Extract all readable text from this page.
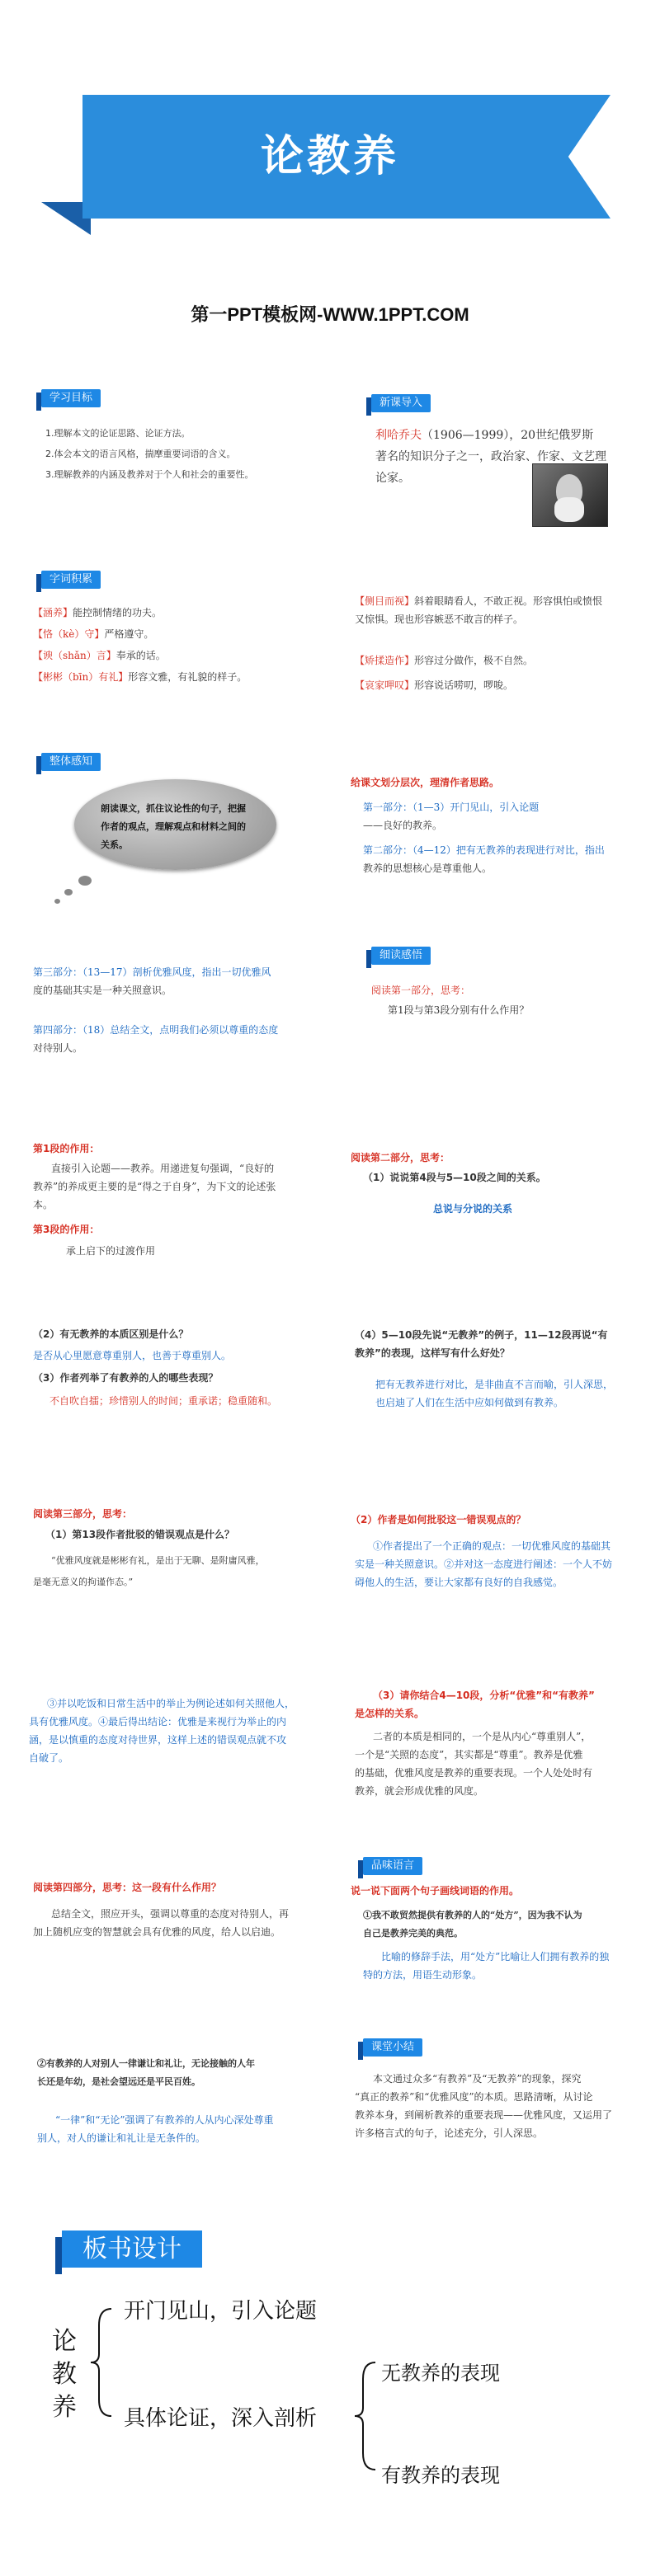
论教养
第一PPT模板网-WWW.1PPT.COM
学习目标
1.理解本文的论证思路、论证方法。
2.体会本文的语言风格，揣摩重要词语的含义。
3.理解教养的内涵及教养对于个人和社会的重要性。
新课导入
利哈乔夫（1906—1999），20世纪俄罗斯
著名的知识分子之一，政治家、作家、文艺理
论家。
字词积累
【涵养】能控制情绪的功夫。
【恪（kè）守】严格遵守。
【谀（shǎn）言】奉承的话。
【彬彬（bīn）有礼】形容文雅，有礼貌的样子。
【侧目而视】斜着眼睛看人，不敢正视。形容惧怕或愤恨
又惊惧。现也形容嫉恶不敢言的样子。
【矫揉造作】形容过分做作，极不自然。
【哀家呷叹】形容说话唠叨，啰唆。
整体感知
朗读课文，抓住议论性的句子，把握作者的观点，理解观点和材料之间的关系。
给课文划分层次，理清作者思路。
第一部分：（1—3）开门见山，引入论题
——良好的教养。
第二部分：（4—12）把有无教养的表现进行对比，指出
教养的思想核心是尊重他人。
第三部分：（13—17）剖析优雅风度，指出一切优雅风
度的基础其实是一种关照意识。
第四部分：（18）总结全文，点明我们必须以尊重的态度
对待别人。
细读感悟
阅读第一部分，思考：
第1段与第3段分别有什么作用？
第1段的作用：
直接引入论题——教养。用递进复句强调，“良好的
教养”的养成更主要的是“得之于自身”，为下文的论述张
本。
第3段的作用：
承上启下的过渡作用
阅读第二部分，思考：
（1）说说第4段与5—10段之间的关系。
总说与分说的关系
（2）有无教养的本质区别是什么？
是否从心里愿意尊重别人，也善于尊重别人。
（3）作者列举了有教养的人的哪些表现？
不自吹自擂；珍惜别人的时间；重承诺；稳重随和。
（4）5—10段先说“无教养”的例子，11—12段再说“有
教养”的表现，这样写有什么好处？
把有无教养进行对比，是非曲直不言而喻，引人深思，
也启迪了人们在生活中应如何做到有教养。
阅读第三部分，思考：
（1）第13段作者批驳的错误观点是什么？
“优雅风度就是彬彬有礼，是出于无聊、是附庸风雅，
是毫无意义的拘谨作态。”
（2）作者是如何批驳这一错误观点的？
①作者提出了一个正确的观点：一切优雅风度的基础其
实是一种关照意识。②并对这一态度进行阐述：一个人不妨
碍他人的生活，要让大家都有良好的自我感觉。
③并以吃饭和日常生活中的举止为例论述如何关照他人，
具有优雅风度。④最后得出结论：优雅是来视行为举止的内
涵，是以慎重的态度对待世界，这样上述的错误观点就不攻
自破了。
（3）请你结合4—10段，分析“优雅”和“有教养”
是怎样的关系。
二者的本质是相同的，一个是从内心“尊重别人”，
一个是“关照的态度”，其实都是“尊重”。教养是优雅
的基础，优雅风度是教养的重要表现。一个人处处时有
教养，就会形成优雅的风度。
阅读第四部分，思考：这一段有什么作用？
总结全文，照应开头，强调以尊重的态度对待别人，再
加上随机应变的智慧就会具有优雅的风度，给人以启迪。
品味语言
说一说下面两个句子画线词语的作用。
①我不敢贸然提供有教养的人的“处方”，因为我不认为
自己是教养完美的典范。
比喻的修辞手法，用“处方”比喻让人们拥有教养的独
特的方法，用语生动形象。
②有教养的人对别人一律谦让和礼让，无论接触的人年
长还是年幼，是社会望远还是平民百姓。
“一律”和“无论”强调了有教养的人从内心深处尊重
别人，对人的谦让和礼让是无条件的。
课堂小结
本文通过众多“有教养”及“无教养”的现象，探究
“真正的教养”和“优雅风度”的本质。思路清晰，从讨论
教养本身，到阐析教养的重要表现——优雅风度，又运用了
许多格言式的句子，论述充分，引人深思。
板书设计
论
教
养
开门见山，引入论题
具体论证，深入剖析
无教养的表现
有教养的表现
